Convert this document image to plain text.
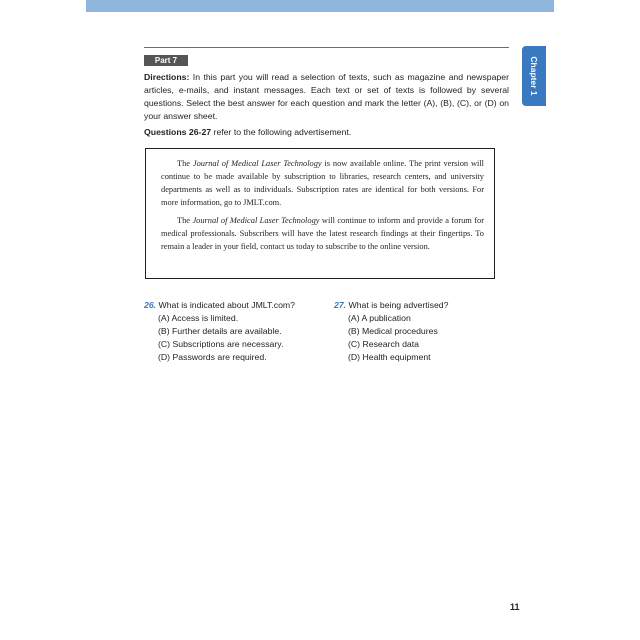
Part 7	Chapter 1
Directions: In this part you will read a selection of texts, such as magazine and newspaper articles, e-mails, and instant messages. Each text or set of texts is followed by several questions. Select the best answer for each question and mark the letter (A), (B), (C), or (D) on your answer sheet.
Questions 26-27 refer to the following advertisement.

The Journal of Medical Laser Technology is now available online. The print version will continue to be made available by subscription to libraries, research centers, and university departments as well as to individuals. Subscription rates are identical for both versions. For more information, go to JMLT.com.

The Journal of Medical Laser Technology will continue to inform and provide a forum for medical professionals. Subscribers will have the latest research findings at their fingertips. To remain a leader in your field, contact us today to subscribe to the online version.

26. What is indicated about JMLT.com?
(A) Access is limited.
(B) Further details are available.
(C) Subscriptions are necessary.
(D) Passwords are required.
27. What is being advertised?
(A) A publication
(B) Medical procedures
(C) Research data
(D) Health equipment
11
